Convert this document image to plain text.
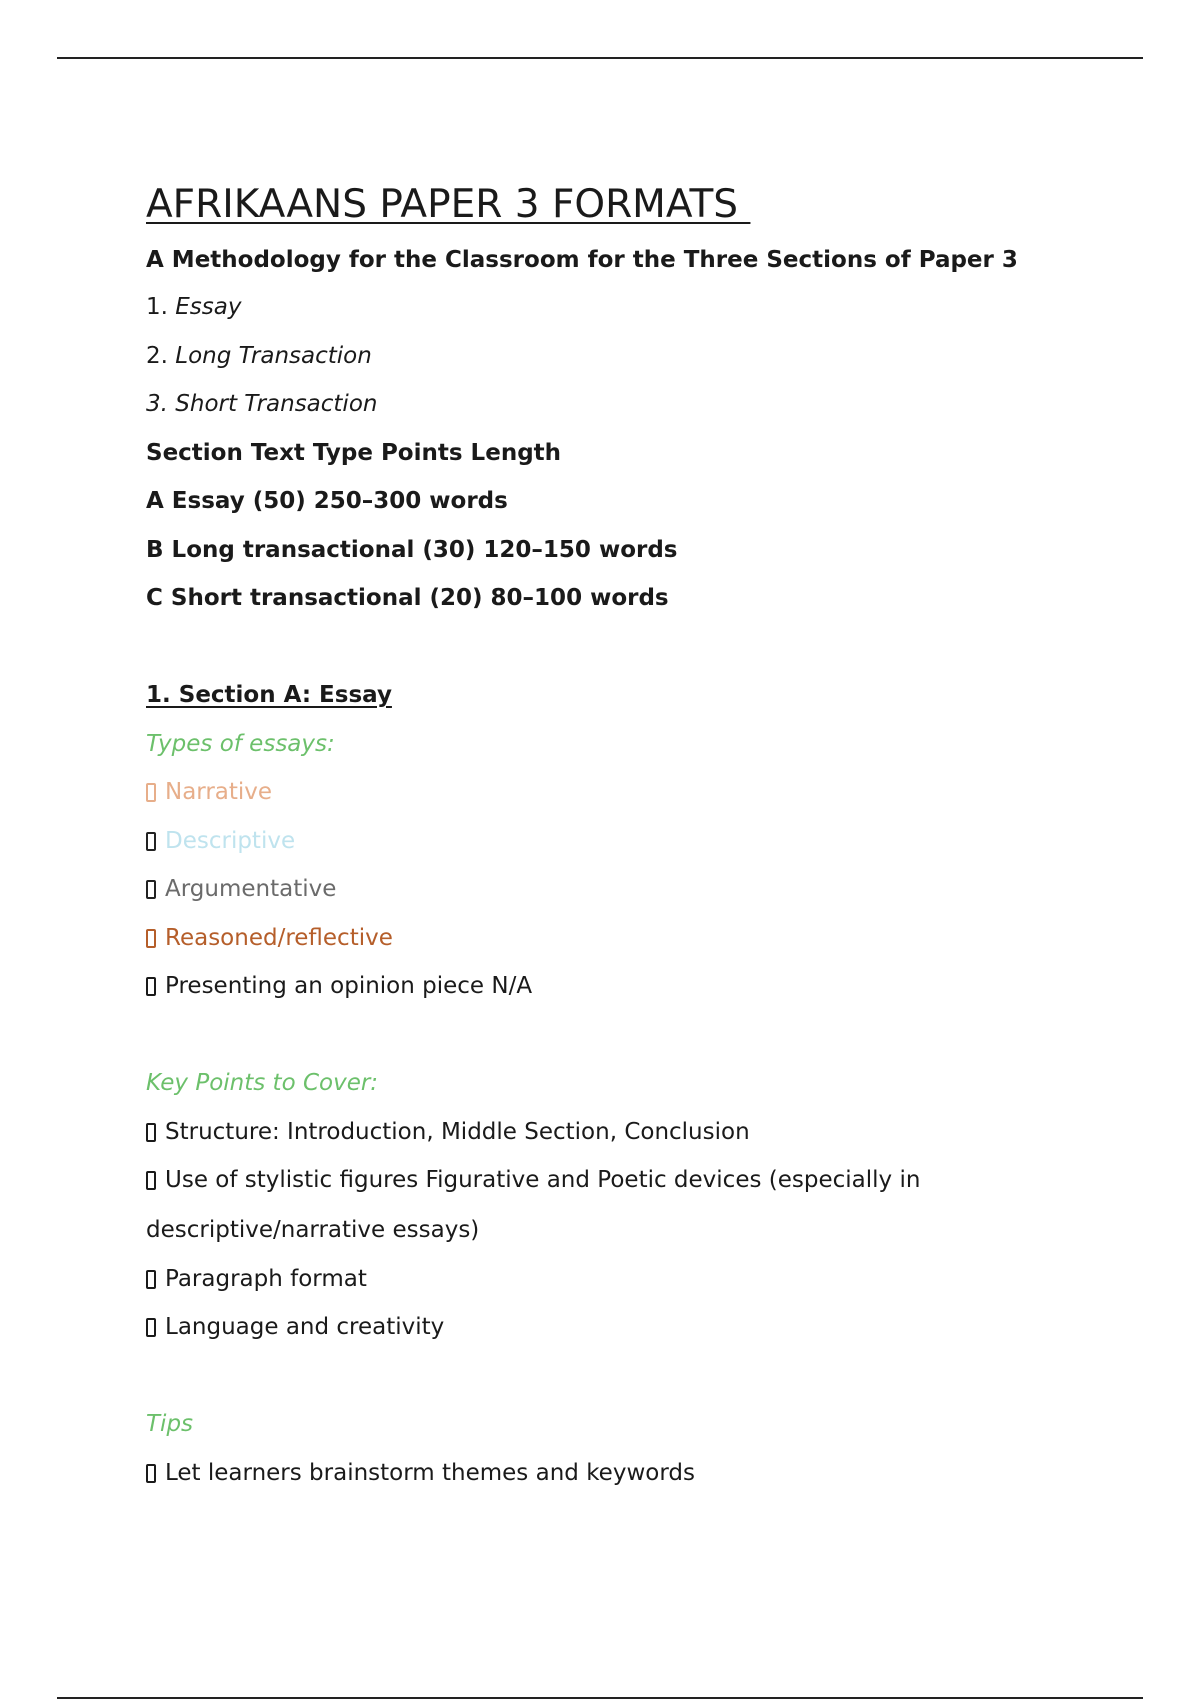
AFRIKAANS PAPER 3 FORMATS
A Methodology for the Classroom for the Three Sections of Paper 3
1. Essay
2. Long Transaction
3. Short Transaction
Section Text Type Points Length
A Essay (50) 250–300 words
B Long transactional (30) 120–150 words
C Short transactional (20) 80–100 words
1. Section A: Essay
Types of essays:
Narrative
Descriptive
Argumentative
Reasoned/reflective
Presenting an opinion piece N/A
Key Points to Cover:
Structure: Introduction, Middle Section, Conclusion
Use of stylistic figures Figurative and Poetic devices (especially in
descriptive/narrative essays)
Paragraph format
Language and creativity
Tips
Let learners brainstorm themes and keywords
